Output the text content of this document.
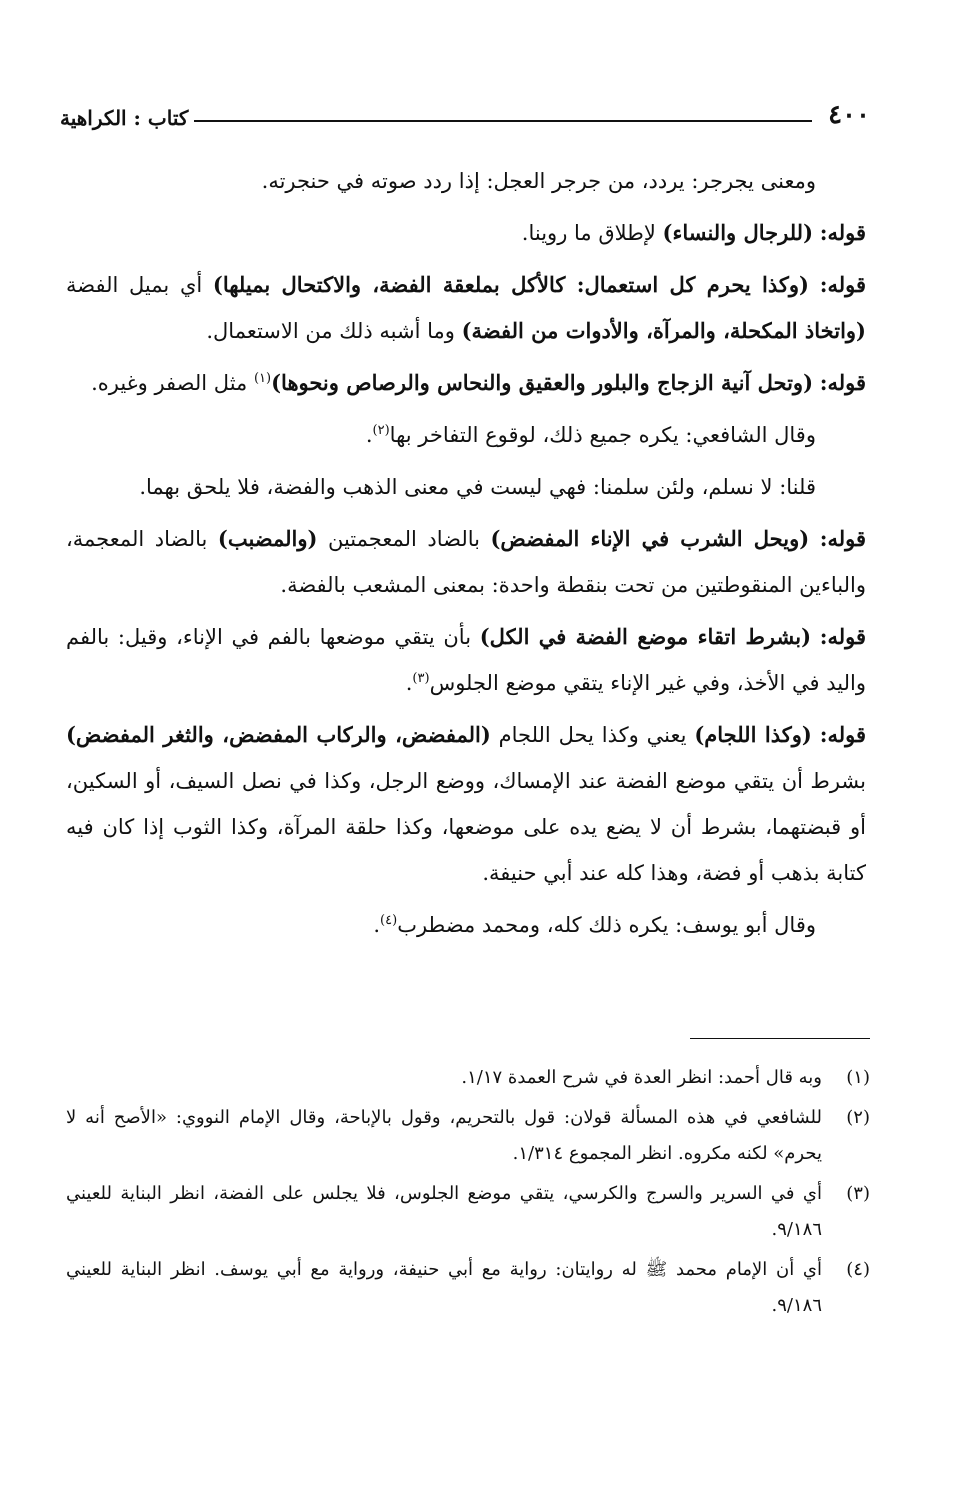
٤٠٠
كتاب : الكراهية

ومعنى يجرجر: يردد، من جرجر العجل: إذا ردد صوته في حنجرته.

قوله: (للرجال والنساء) لإطلاق ما روينا.

قوله: (وكذا يحرم كل استعمال: كالأكل بملعقة الفضة، والاكتحال بميلها) أي بميل الفضة (واتخاذ المكحلة، والمرآة، والأدوات من الفضة) وما أشبه ذلك من الاستعمال.

قوله: (وتحل آنية الزجاج والبلور والعقيق والنحاس والرصاص ونحوها)$^{(١)}$ مثل الصفر وغيره.

وقال الشافعي: يكره جميع ذلك، لوقوع التفاخر بها$^{(٢)}$.

قلنا: لا نسلم، ولئن سلمنا: فهي ليست في معنى الذهب والفضة، فلا يلحق بهما.

قوله: (ويحل الشرب في الإناء المفضض) بالضاد المعجمتين (والمضبب) بالضاد المعجمة، والباءين المنقوطتين من تحت بنقطة واحدة: بمعنى المشعب بالفضة.

قوله: (بشرط اتقاء موضع الفضة في الكل) بأن يتقي موضعها بالفم في الإناء، وقيل: بالفم واليد في الأخذ، وفي غير الإناء يتقي موضع الجلوس$^{(٣)}$.

قوله: (وكذا اللجام) يعني وكذا يحل اللجام (المفضض، والركاب المفضض، والثغر المفضض) بشرط أن يتقي موضع الفضة عند الإمساك، ووضع الرجل، وكذا في نصل السيف، أو السكين، أو قبضتهما، بشرط أن لا يضع يده على موضعها، وكذا حلقة المرآة، وكذا الثوب إذا كان فيه كتابة بذهب أو فضة، وهذا كله عند أبي حنيفة.

وقال أبو يوسف: يكره ذلك كله، ومحمد مضطرب$^{(٤)}$.

(١)
وبه قال أحمد: انظر العدة في شرح العمدة ١/١٧.
(٢)
للشافعي في هذه المسألة قولان: قول بالتحريم، وقول بالإباحة، وقال الإمام النووي: «الأصح أنه لا يحرم» لكنه مكروه. انظر المجموع ١/٣١٤.
(٣)
أي في السرير والسرج والكرسي، يتقي موضع الجلوس، فلا يجلس على الفضة، انظر البناية للعيني ٩/١٨٦.
(٤)
أي أن الإمام محمد ﷺ له روايتان: رواية مع أبي حنيفة، ورواية مع أبي يوسف. انظر البناية للعيني ٩/١٨٦.
